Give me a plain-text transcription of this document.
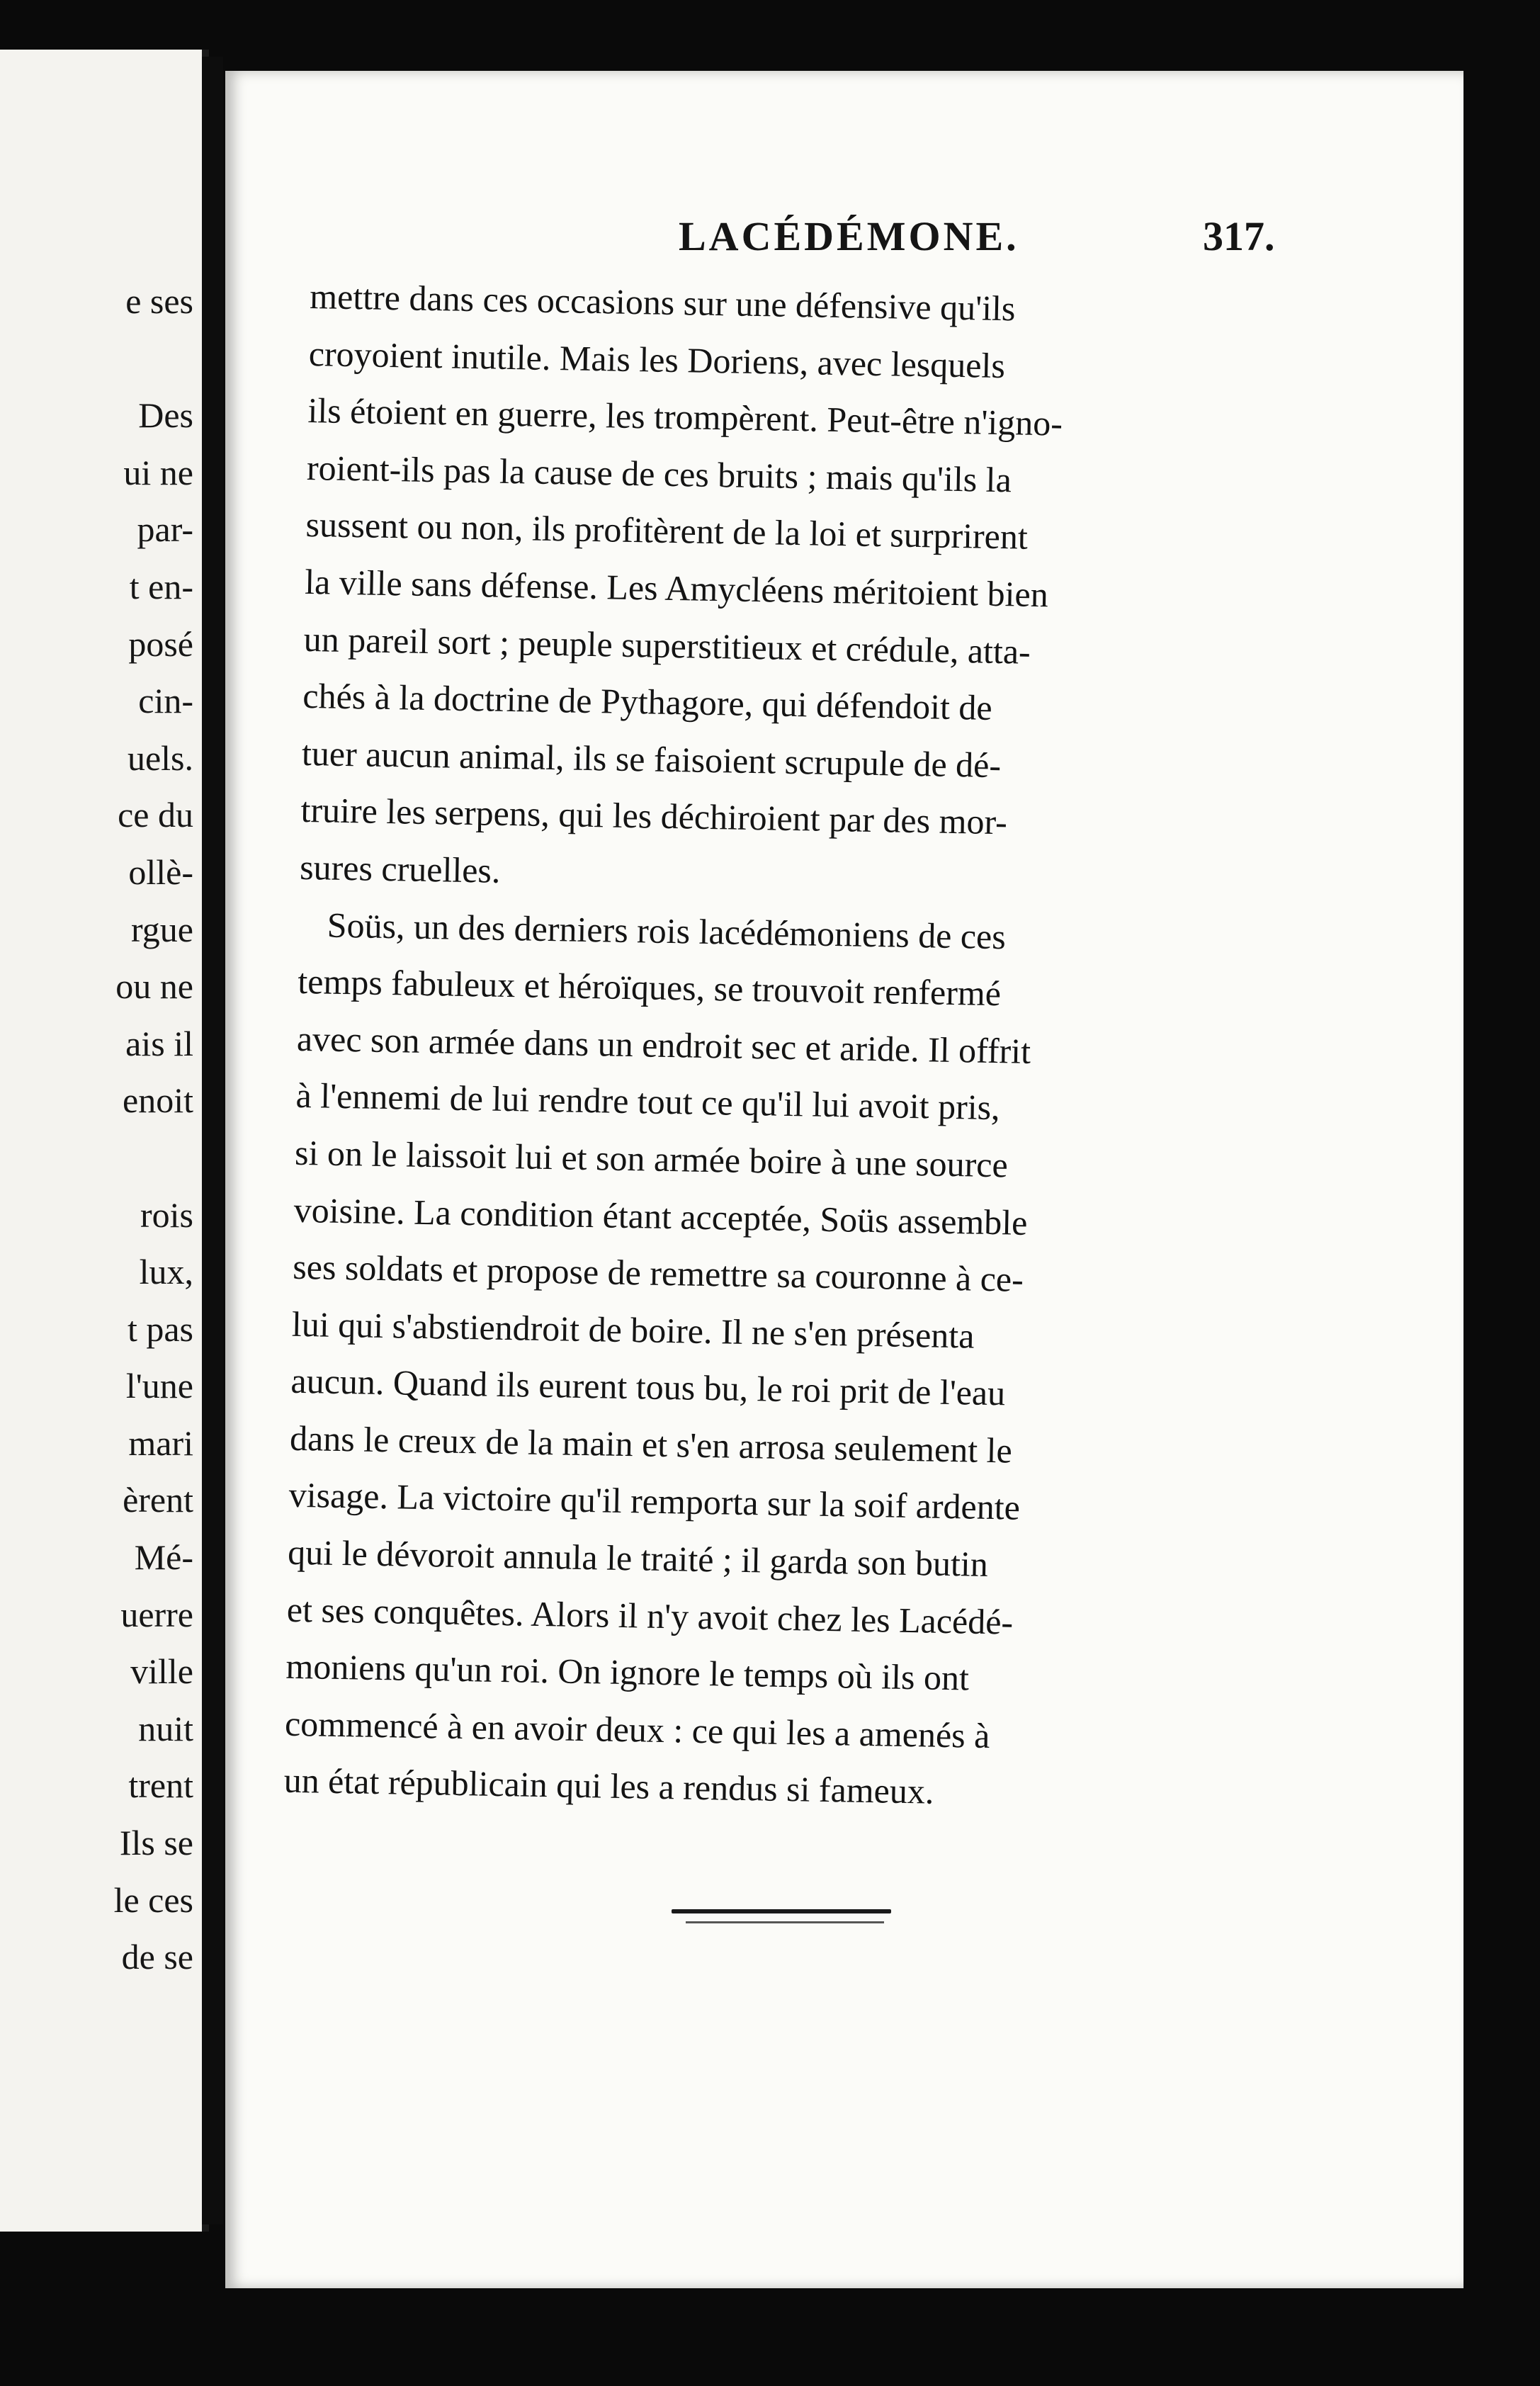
e ses
Des
ui ne
par-
t en-
posé
cin-
uels.
ce du
ollè-
rgue
ou ne
ais il
enoit
rois
lux,
t pas
l'une
mari
èrent
Mé-
uerre
ville
nuit
trent
Ils se
le ces
de se
LACÉDÉMONE.	317.
mettre dans ces occasions sur une défensive qu'ils
croyoient inutile. Mais les Doriens, avec lesquels
ils étoient en guerre, les trompèrent. Peut-être n'igno-
roient-ils pas la cause de ces bruits ; mais qu'ils la
sussent ou non, ils profitèrent de la loi et surprirent
la ville sans défense. Les Amycléens méritoient bien
un pareil sort ; peuple superstitieux et crédule, atta-
chés à la doctrine de Pythagore, qui défendoit de
tuer aucun animal, ils se faisoient scrupule de dé-
truire les serpens, qui les déchiroient par des mor-
sures cruelles.
Soüs, un des derniers rois lacédémoniens de ces
temps fabuleux et héroïques, se trouvoit renfermé
avec son armée dans un endroit sec et aride. Il offrit
à l'ennemi de lui rendre tout ce qu'il lui avoit pris,
si on le laissoit lui et son armée boire à une source
voisine. La condition étant acceptée, Soüs assemble
ses soldats et propose de remettre sa couronne à ce-
lui qui s'abstiendroit de boire. Il ne s'en présenta
aucun. Quand ils eurent tous bu, le roi prit de l'eau
dans le creux de la main et s'en arrosa seulement le
visage. La victoire qu'il remporta sur la soif ardente
qui le dévoroit annula le traité ; il garda son butin
et ses conquêtes. Alors il n'y avoit chez les Lacédé-
moniens qu'un roi. On ignore le temps où ils ont
commencé à en avoir deux : ce qui les a amenés à
un état républicain qui les a rendus si fameux.
